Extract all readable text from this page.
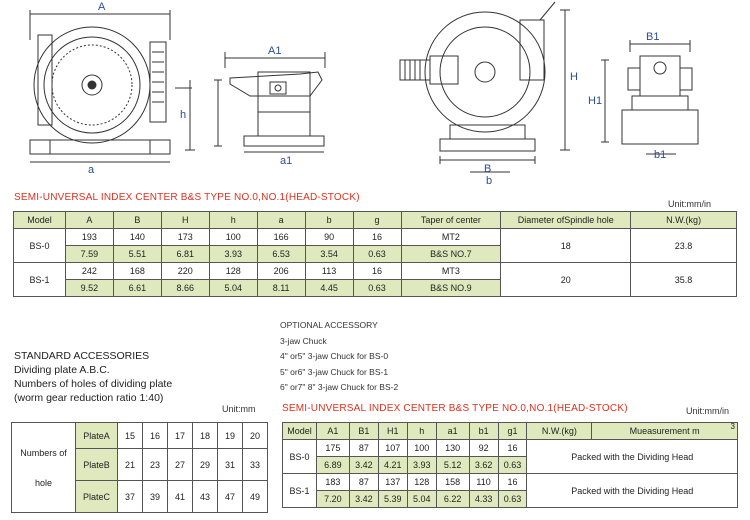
A
h
a
A1
a1
B
b
H
B1
H1
b1
SEMI-UNVERSAL INDEX CENTER B&S TYPE NO.0,NO.1(HEAD-STOCK)
Unit:mm/in
Model	A	B	H	h	a	b	g	Taper of center	Diameter ofSpindle hole	N.W.(kg)
BS-0	193	140	173	100	166	90	16	MT2	18	23.8
	7.59	5.51	6.81	3.93	6.53	3.54	0.63	B&S NO.7		
BS-1	242	168	220	128	206	113	16	MT3	20	35.8
	9.52	6.61	8.66	5.04	8.11	4.45	0.63	B&S NO.9		
OPTIONAL ACCESSORY
3-jaw Chuck
4" or5" 3-jaw Chuck for BS-0
5" or6" 3-jaw Chuck for BS-1
6" or7" 8" 3-jaw Chuck for BS-2
STANDARD ACCESSORIES
Dividing plate A.B.C.
Numbers of holes of dividing plate
(worm gear reduction ratio 1:40)
Unit:mm
Numbers of
hole	PlateA	15	16	17	18	19	20
	PlateB	21	23	27	29	31	33
	PlateC	37	39	41	43	47	49
SEMI-UNVERSAL INDEX CENTER B&S TYPE NO.0,NO.1(HEAD-STOCK)	Unit:mm/in
Model	A1	B1	H1	h	a1	b1	g1	N.W.(kg)	Mueasurement m 3

BS-0	175	87	107	100	130	92	16	Packed with the Dividing Head	
	6.89	3.42	4.21	3.93	5.12	3.62	0.63		
BS-1	183	87	137	128	158	110	16	Packed with the Dividing Head	
	7.20	3.42	5.39	5.04	6.22	4.33	0.63		
